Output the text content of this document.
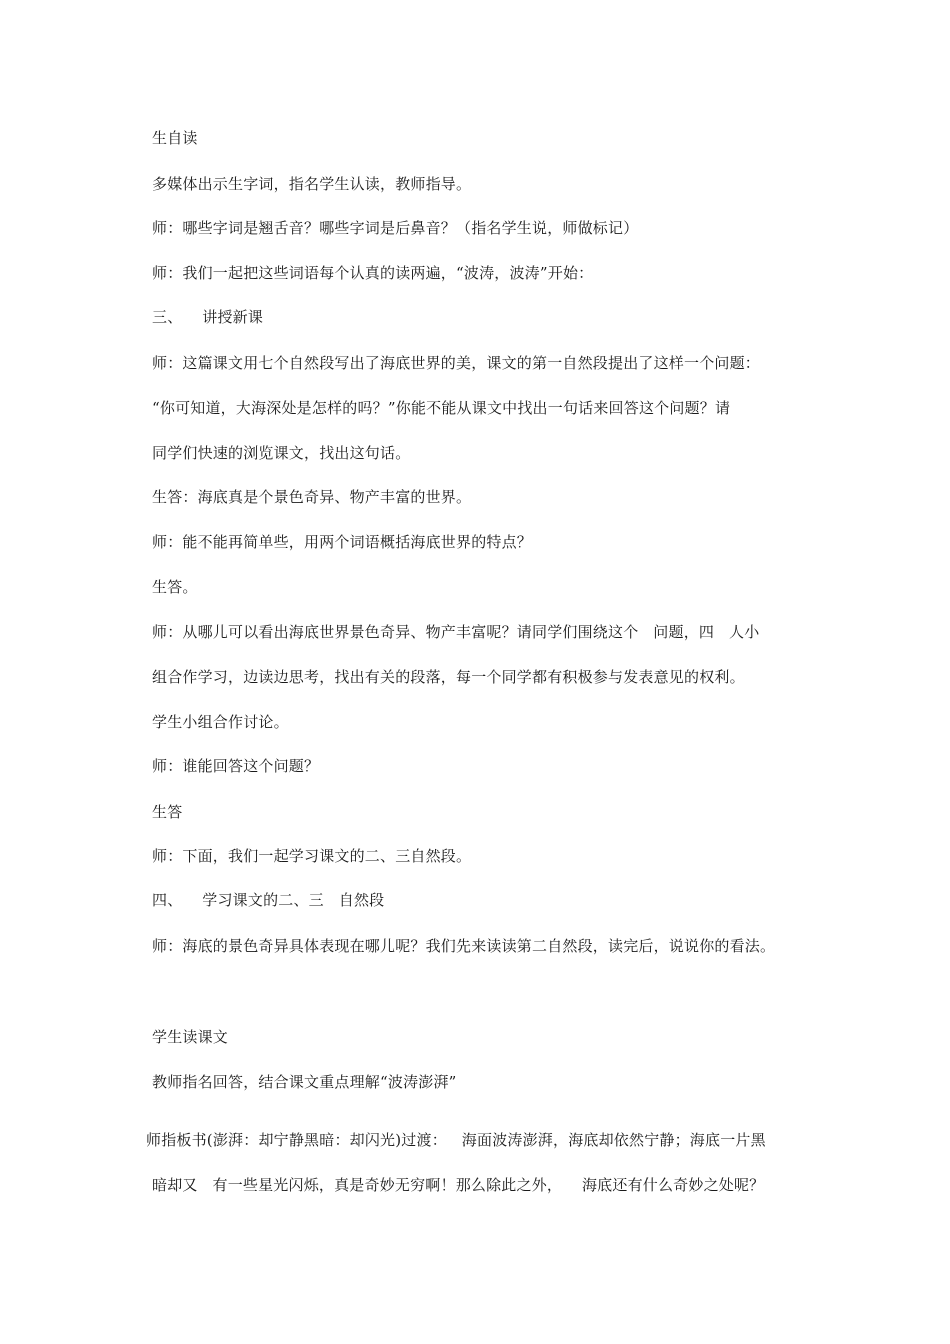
生自读
多媒体出示生字词，指名学生认读，教师指导。
师：哪些字词是翘舌音？哪些字词是后鼻音？（指名学生说，师做标记）
师：我们一起把这些词语每个认真的读两遍，“波涛，波涛”开始：
三、    讲授新课
师：这篇课文用七个自然段写出了海底世界的美，课文的第一自然段提出了这样一个问题：
“你可知道，大海深处是怎样的吗？”你能不能从课文中找出一句话来回答这个问题？请
同学们快速的浏览课文，找出这句话。
生答：海底真是个景色奇异、物产丰富的世界。
师：能不能再简单些，用两个词语概括海底世界的特点？
生答。
师：从哪儿可以看出海底世界景色奇异、物产丰富呢？请同学们围绕这个   问题，四   人小
组合作学习，边读边思考，找出有关的段落，每一个同学都有积极参与发表意见的权利。
学生小组合作讨论。
师：谁能回答这个问题？
生答
师：下面，我们一起学习课文的二、三自然段。
四、    学习课文的二、三   自然段
师：海底的景色奇异具体表现在哪儿呢？我们先来读读第二自然段，读完后，说说你的看法。
学生读课文
教师指名回答，结合课文重点理解“波涛澎湃”
师指板书(澎湃：却宁静黑暗：却闪光)过渡：   海面波涛澎湃，海底却依然宁静；海底一片黑
暗却又   有一些星光闪烁，真是奇妙无穷啊！那么除此之外，    海底还有什么奇妙之处呢？
